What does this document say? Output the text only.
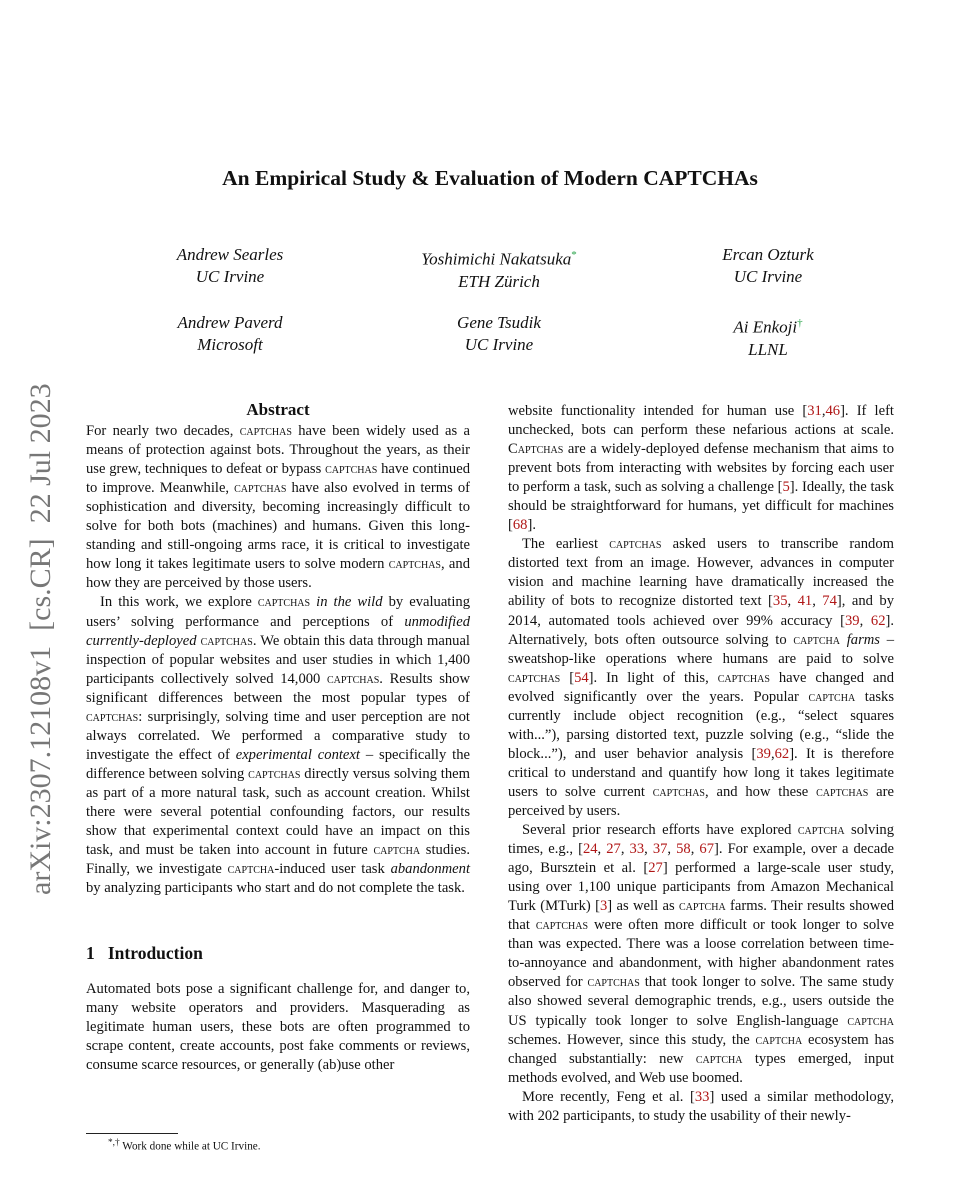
arXiv:2307.12108v1  [cs.CR]  22 Jul 2023
An Empirical Study & Evaluation of Modern CAPTCHAs
Andrew Searles
UC Irvine
Yoshimichi Nakatsuka*
ETH Zürich
Ercan Ozturk
UC Irvine
Andrew Paverd
Microsoft
Gene Tsudik
UC Irvine
Ai Enkoji†
LLNL
Abstract

For nearly two decades, captchas have been widely used as a means of protection against bots. Throughout the years, as their use grew, techniques to defeat or bypass captchas have continued to improve. Meanwhile, captchas have also evolved in terms of sophistication and diversity, becoming increasingly difficult to solve for both bots (machines) and humans. Given this long-standing and still-ongoing arms race, it is critical to investigate how long it takes legitimate users to solve modern captchas, and how they are perceived by those users.

In this work, we explore captchas in the wild by evaluating users’ solving performance and perceptions of unmodified currently-deployed captchas. We obtain this data through manual inspection of popular websites and user studies in which 1,400 participants collectively solved 14,000 captchas. Results show significant differences between the most popular types of captchas: surprisingly, solving time and user perception are not always correlated. We performed a comparative study to investigate the effect of experimental context – specifically the difference between solving captchas directly versus solving them as part of a more natural task, such as account creation. Whilst there were several potential confounding factors, our results show that experimental context could have an impact on this task, and must be taken into account in future captcha studies. Finally, we investigate captcha-induced user task abandonment by analyzing participants who start and do not complete the task.

1 Introduction

Automated bots pose a significant challenge for, and danger to, many website operators and providers. Masquerading as legitimate human users, these bots are often programmed to scrape content, create accounts, post fake comments or reviews, consume scarce resources, or generally (ab)use other

*,† Work done while at UC Irvine.

website functionality intended for human use [31,46]. If left unchecked, bots can perform these nefarious actions at scale. Captchas are a widely-deployed defense mechanism that aims to prevent bots from interacting with websites by forcing each user to perform a task, such as solving a challenge [5]. Ideally, the task should be straightforward for humans, yet difficult for machines [68].

The earliest captchas asked users to transcribe random distorted text from an image. However, advances in computer vision and machine learning have dramatically increased the ability of bots to recognize distorted text [35, 41, 74], and by 2014, automated tools achieved over 99% accuracy [39, 62]. Alternatively, bots often outsource solving to captcha farms – sweatshop-like operations where humans are paid to solve captchas [54]. In light of this, captchas have changed and evolved significantly over the years. Popular captcha tasks currently include object recognition (e.g., “select squares with...”), parsing distorted text, puzzle solving (e.g., “slide the block...”), and user behavior analysis [39,62]. It is therefore critical to understand and quantify how long it takes legitimate users to solve current captchas, and how these captchas are perceived by users.

Several prior research efforts have explored captcha solving times, e.g., [24, 27, 33, 37, 58, 67]. For example, over a decade ago, Bursztein et al. [27] performed a large-scale user study, using over 1,100 unique participants from Amazon Mechanical Turk (MTurk) [3] as well as captcha farms. Their results showed that captchas were often more difficult or took longer to solve than was expected. There was a loose correlation between time-to-annoyance and abandonment, with higher abandonment rates observed for captchas that took longer to solve. The same study also showed several demographic trends, e.g., users outside the US typically took longer to solve English-language captcha schemes. However, since this study, the captcha ecosystem has changed substantially: new captcha types emerged, input methods evolved, and Web use boomed.

More recently, Feng et al. [33] used a similar methodology, with 202 participants, to study the usability of their newly-
